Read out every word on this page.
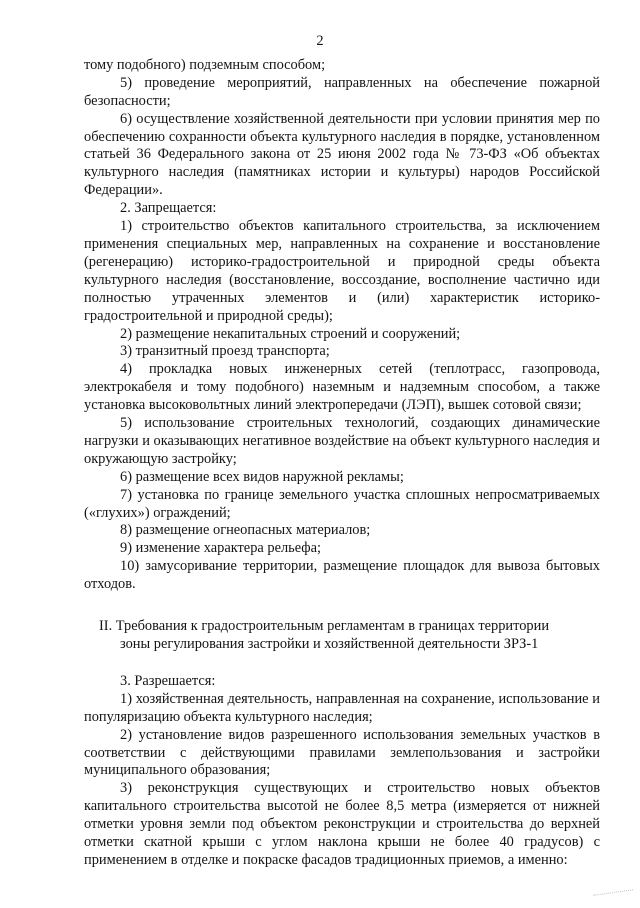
2

тому подобного) подземным способом;

5) проведение мероприятий, направленных на обеспечение пожарной безопасности;

6) осуществление хозяйственной деятельности при условии принятия мер по обеспечению сохранности объекта культурного наследия в порядке, установленном статьей 36 Федерального закона от 25 июня 2002 года № 73-ФЗ «Об объектах культурного наследия (памятниках истории и культуры) народов Российской Федерации».

2. Запрещается:

1) строительство объектов капитального строительства, за исключением применения специальных мер, направленных на сохранение и восстановление (регенерацию) историко-градостроительной и природной среды объекта культурного наследия (восстановление, воссоздание, восполнение частично иди полностью утраченных элементов и (или) характеристик историко-градостроительной и природной среды);

2) размещение некапитальных строений и сооружений;

3) транзитный проезд транспорта;

4) прокладка новых инженерных сетей (теплотрасс, газопровода, электрокабеля и тому подобного) наземным и надземным способом, а также установка высоковольтных линий электропередачи (ЛЭП), вышек сотовой связи;

5) использование строительных технологий, создающих динамические нагрузки и оказывающих негативное воздействие на объект культурного наследия и окружающую застройку;

6) размещение всех видов наружной рекламы;

7) установка по границе земельного участка сплошных непросматриваемых («глухих») ограждений;

8) размещение огнеопасных материалов;

9) изменение характера рельефа;

10) замусоривание территории, размещение площадок для вывоза бытовых отходов.

II. Требования к градостроительным регламентам в границах территории

зоны регулирования застройки и хозяйственной деятельности ЗРЗ-1

3. Разрешается:

1) хозяйственная деятельность, направленная на сохранение, использование и популяризацию объекта культурного наследия;

2) установление видов разрешенного использования земельных участков в соответствии с действующими правилами землепользования и застройки муниципального образования;

3) реконструкция существующих и строительство новых объектов капитального строительства высотой не более 8,5 метра (измеряется от нижней отметки уровня земли под объектом реконструкции и строительства до верхней отметки скатной крыши с углом наклона крыши не более 40 градусов) с применением в отделке и покраске фасадов традиционных приемов, а именно:
